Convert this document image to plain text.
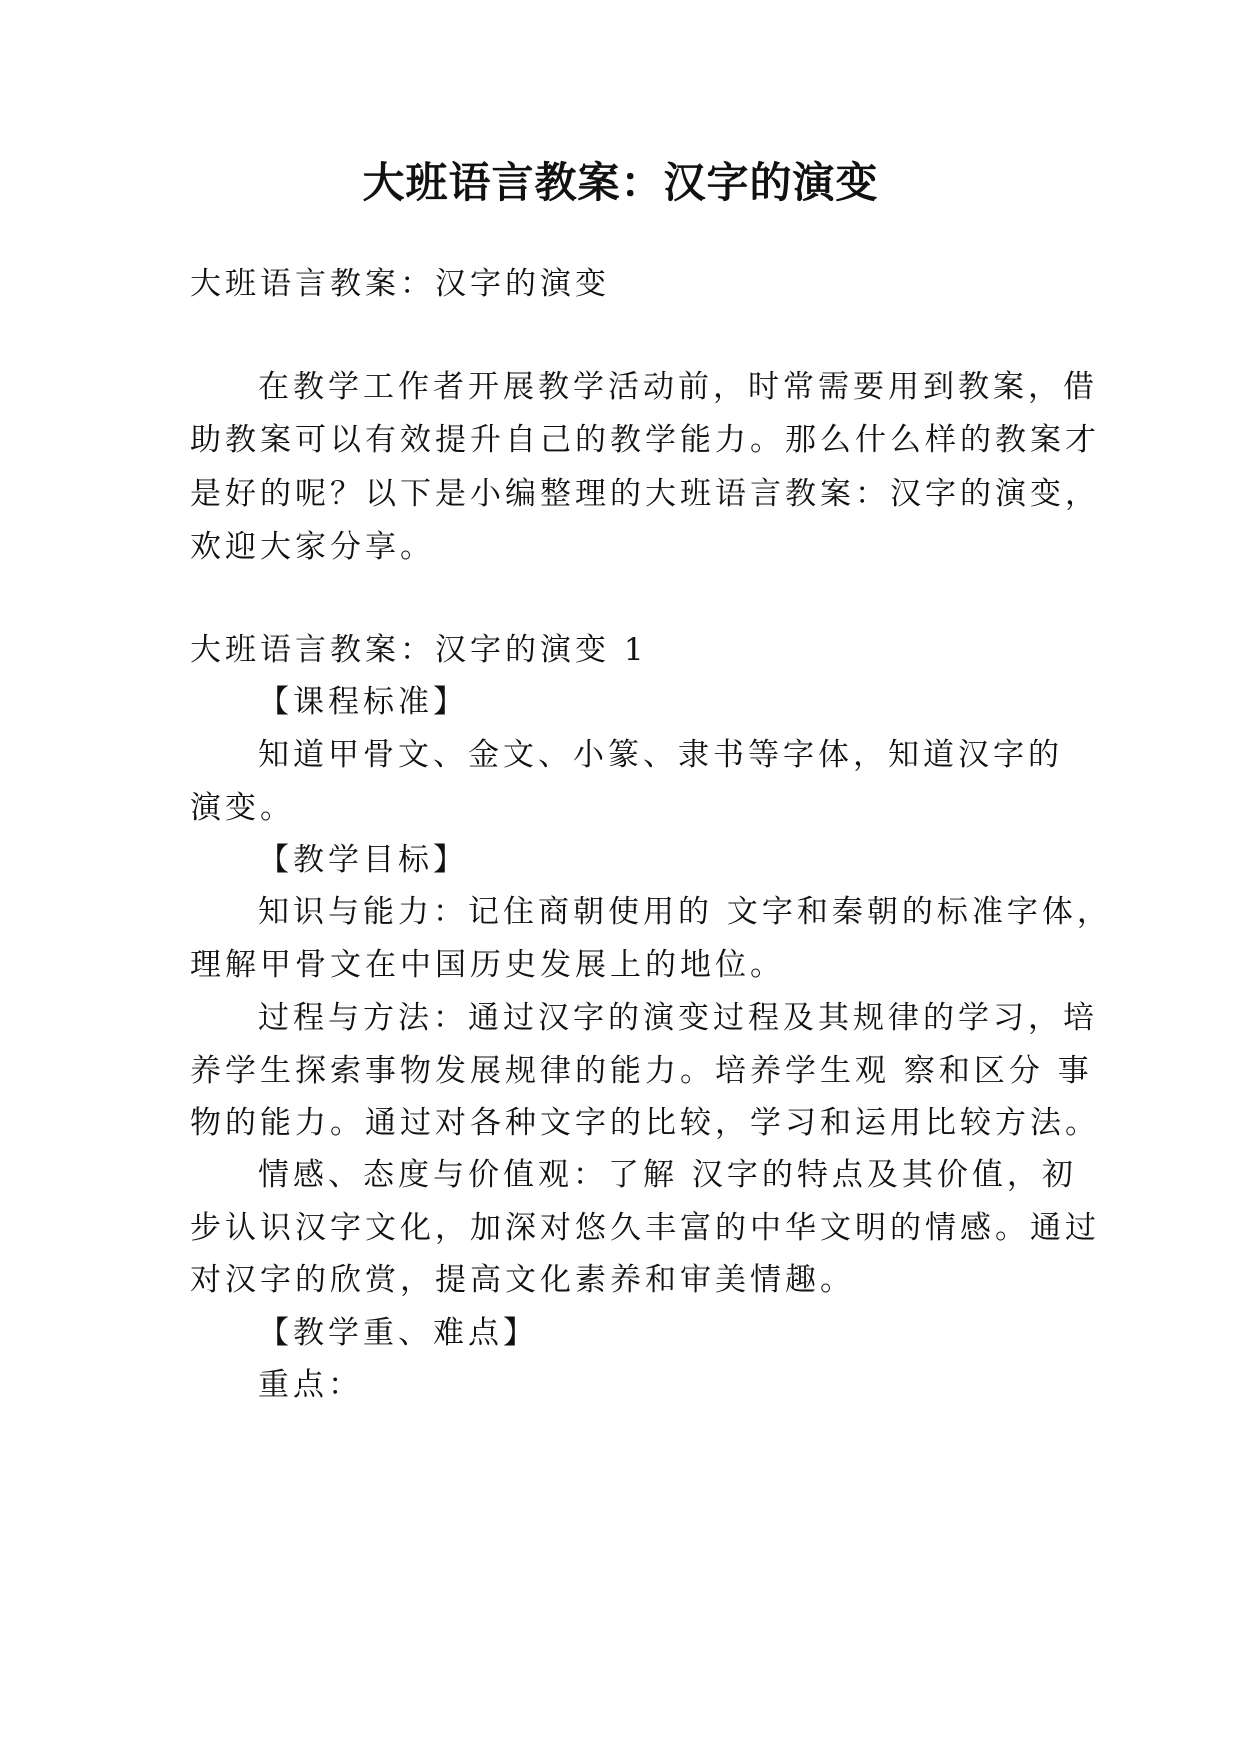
大班语言教案：汉字的演变
大班语言教案：汉字的演变
在教学工作者开展教学活动前，时常需要用到教案，借
助教案可以有效提升自己的教学能力。那么什么样的教案才
是好的呢？以下是小编整理的大班语言教案：汉字的演变，
欢迎大家分享。
大班语言教案：汉字的演变 1
【课程标准】
知道甲骨文、金文、小篆、隶书等字体，知道汉字的
演变。
【教学目标】
知识与能力：记住商朝使用的 文字和秦朝的标准字体，
理解甲骨文在中国历史发展上的地位。
过程与方法：通过汉字的演变过程及其规律的学习，培
养学生探索事物发展规律的能力。培养学生观 察和区分 事
物的能力。通过对各种文字的比较，学习和运用比较方法。
情感、态度与价值观：了解 汉字的特点及其价值，初
步认识汉字文化，加深对悠久丰富的中华文明的情感。通过
对汉字的欣赏，提高文化素养和审美情趣。
【教学重、难点】
重点：
